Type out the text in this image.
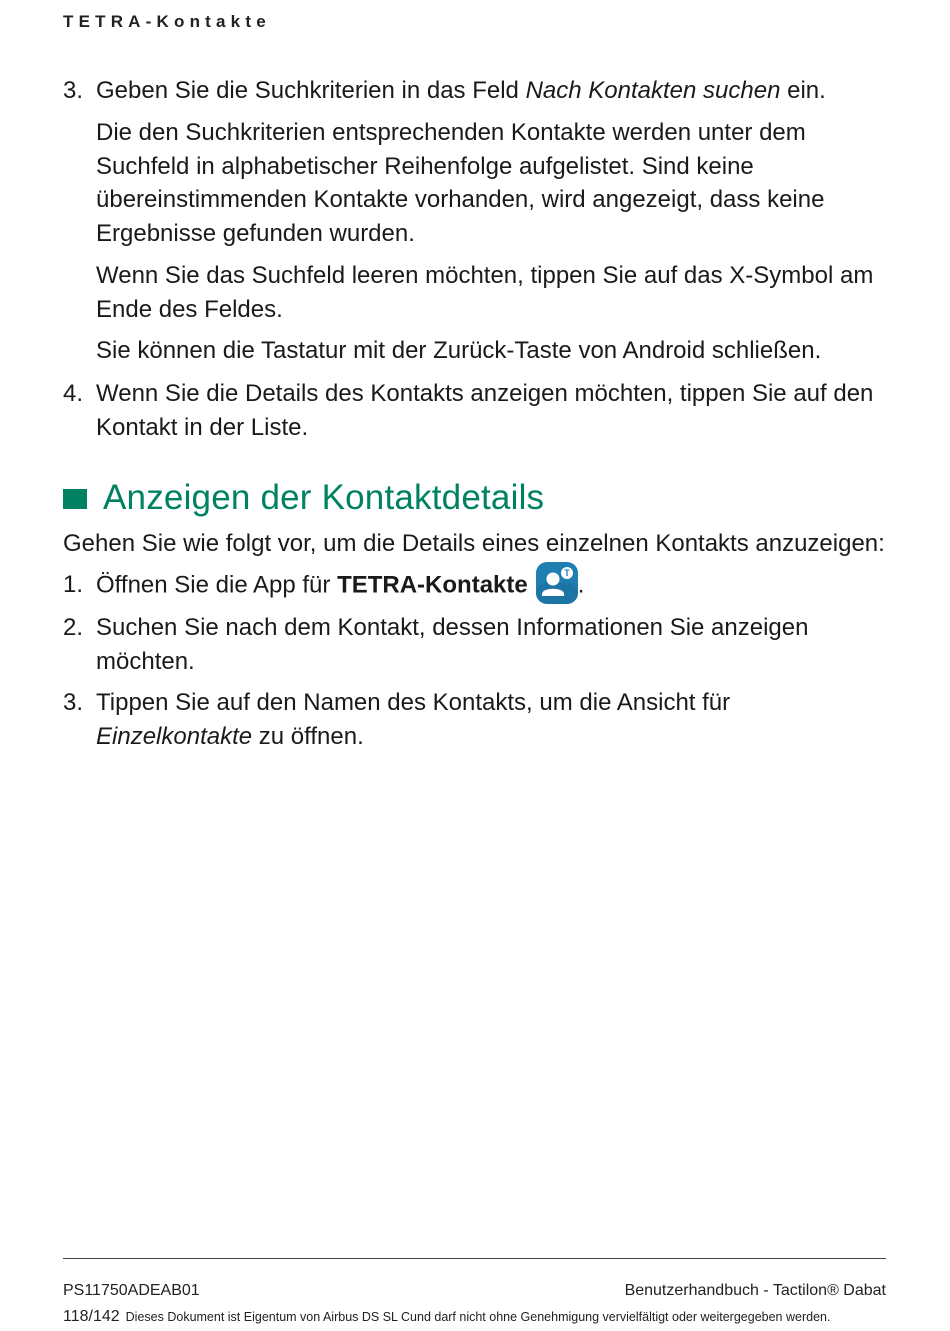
TETRA-Kontakte
3. Geben Sie die Suchkriterien in das Feld Nach Kontakten suchen ein.
Die den Suchkriterien entsprechenden Kontakte werden unter dem Suchfeld in alphabetischer Reihenfolge aufgelistet. Sind keine übereinstimmenden Kontakte vorhanden, wird angezeigt, dass keine Ergebnisse gefunden wurden.
Wenn Sie das Suchfeld leeren möchten, tippen Sie auf das X-Symbol am Ende des Feldes.
Sie können die Tastatur mit der Zurück-Taste von Android schließen.
4. Wenn Sie die Details des Kontakts anzeigen möchten, tippen Sie auf den Kontakt in der Liste.
Anzeigen der Kontaktdetails
Gehen Sie wie folgt vor, um die Details eines einzelnen Kontakts anzuzeigen:
1. Öffnen Sie die App für TETRA-Kontakte	T .
2. Suchen Sie nach dem Kontakt, dessen Informationen Sie anzeigen möchten.
3. Tippen Sie auf den Namen des Kontakts, um die Ansicht für Einzelkontakte zu öffnen.
PS11750ADEAB01	Benutzerhandbuch - Tactilon® Dabat
118/142 Dieses Dokument ist Eigentum von Airbus DS SL Cund darf nicht ohne Genehmigung vervielfältigt oder weitergegeben werden.
